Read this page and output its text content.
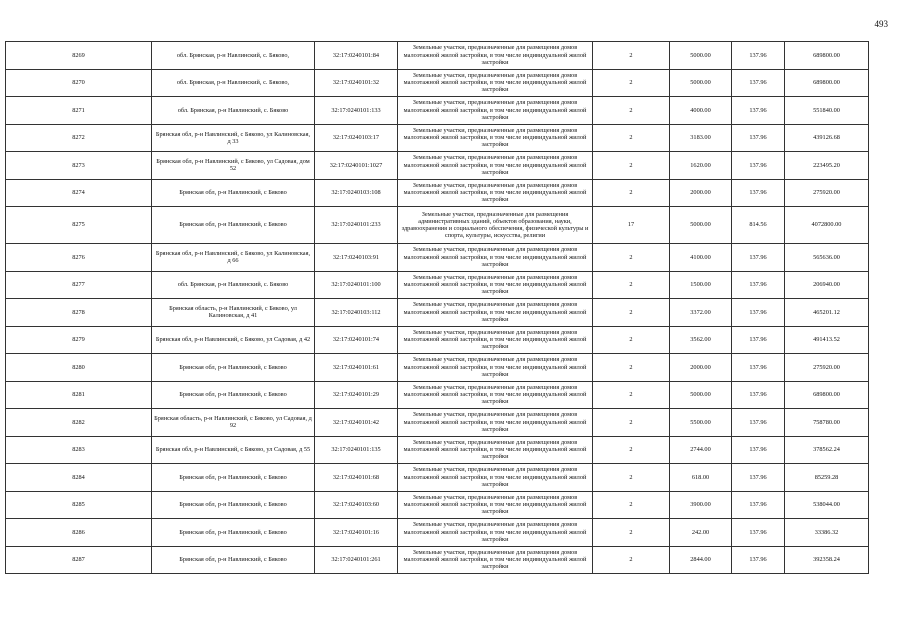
493
8269	обл. Брянская, р-н Навлинский, с. Бяково,	32:17:0240101:84	Земельные участки, предназначенные для размещения домов малоэтажной жилой застройки, в том числе индивидуальной жилой застройки	2	5000.00	137.96	689800.00
8270	обл. Брянская, р-н Навлинский, с. Бяково,	32:17:0240101:32	Земельные участки, предназначенные для размещения домов малоэтажной жилой застройки, в том числе индивидуальной жилой застройки	2	5000.00	137.96	689800.00
8271	обл. Брянская, р-н Навлинский, с. Бяково	32:17:0240101:133	Земельные участки, предназначенные для размещения домов малоэтажной жилой застройки, в том числе индивидуальной жилой застройки	2	4000.00	137.96	551840.00
8272	Брянская обл, р-н Навлинский, с Бяково, ул Калиновская, д 33	32:17:0240103:17	Земельные участки, предназначенные для размещения домов малоэтажной жилой застройки, в том числе индивидуальной жилой застройки	2	3183.00	137.96	439126.68
8273	Брянская обл, р-н Навлинский, с Бяково, ул Садовая, дом 52	32:17:0240101:1027	Земельные участки, предназначенные для размещения домов малоэтажной жилой застройки, в том числе индивидуальной жилой застройки	2	1620.00	137.96	223495.20
8274	Брянская обл, р-н Навлинский, с Бяково	32:17:0240103:108	Земельные участки, предназначенные для размещения домов малоэтажной жилой застройки, в том числе индивидуальной жилой застройки	2	2000.00	137.96	275920.00
8275	Брянская обл, р-н Навлинский, с Бяково	32:17:0240101:233	Земельные участки, предназначенные для размещения административных зданий, объектов образования, науки, здравоохранения и социального обеспечения, физической культуры и спорта, культуры, искусства, религии	17	5000.00	814.56	4072800.00
8276	Брянская обл, р-н Навлинский, с Бяково, ул Калиновская, д 66	32:17:0240103:91	Земельные участки, предназначенные для размещения домов малоэтажной жилой застройки, в том числе индивидуальной жилой застройки	2	4100.00	137.96	565636.00
8277	обл. Брянская, р-н Навлинский, с. Бяково	32:17:0240101:100	Земельные участки, предназначенные для размещения домов малоэтажной жилой застройки, в том числе индивидуальной жилой застройки	2	1500.00	137.96	206940.00
8278	Брянская область, р-н Навлинский, с Бяково, ул Калиновская, д 41	32:17:0240103:112	Земельные участки, предназначенные для размещения домов малоэтажной жилой застройки, в том числе индивидуальной жилой застройки	2	3372.00	137.96	465201.12
8279	Брянская обл, р-н Навлинский, с Бяково, ул Садовая, д 42	32:17:0240101:74	Земельные участки, предназначенные для размещения домов малоэтажной жилой застройки, в том числе индивидуальной жилой застройки	2	3562.00	137.96	491413.52
8280	Брянская обл, р-н Навлинский, с Бяково	32:17:0240101:61	Земельные участки, предназначенные для размещения домов малоэтажной жилой застройки, в том числе индивидуальной жилой застройки	2	2000.00	137.96	275920.00
8281	Брянская обл, р-н Навлинский, с Бяково	32:17:0240101:29	Земельные участки, предназначенные для размещения домов малоэтажной жилой застройки, в том числе индивидуальной жилой застройки	2	5000.00	137.96	689800.00
8282	Брянская область, р-н Навлинский, с Бяково, ул Садовая, д 92	32:17:0240101:42	Земельные участки, предназначенные для размещения домов малоэтажной жилой застройки, в том числе индивидуальной жилой застройки	2	5500.00	137.96	758780.00
8283	Брянская обл, р-н Навлинский, с Бяково, ул Садовая, д 55	32:17:0240101:135	Земельные участки, предназначенные для размещения домов малоэтажной жилой застройки, в том числе индивидуальной жилой застройки	2	2744.00	137.96	378562.24
8284	Брянская обл, р-н Навлинский, с Бяково	32:17:0240101:68	Земельные участки, предназначенные для размещения домов малоэтажной жилой застройки, в том числе индивидуальной жилой застройки	2	618.00	137.96	85259.28
8285	Брянская обл, р-н Навлинский, с Бяково	32:17:0240103:60	Земельные участки, предназначенные для размещения домов малоэтажной жилой застройки, в том числе индивидуальной жилой застройки	2	3900.00	137.96	538044.00
8286	Брянская обл, р-н Навлинский, с Бяково	32:17:0240101:16	Земельные участки, предназначенные для размещения домов малоэтажной жилой застройки, в том числе индивидуальной жилой застройки	2	242.00	137.96	33386.32
8287	Брянская обл, р-н Навлинский, с Бяково	32:17:0240101:261	Земельные участки, предназначенные для размещения домов малоэтажной жилой застройки, в том числе индивидуальной жилой застройки	2	2844.00	137.96	392358.24
